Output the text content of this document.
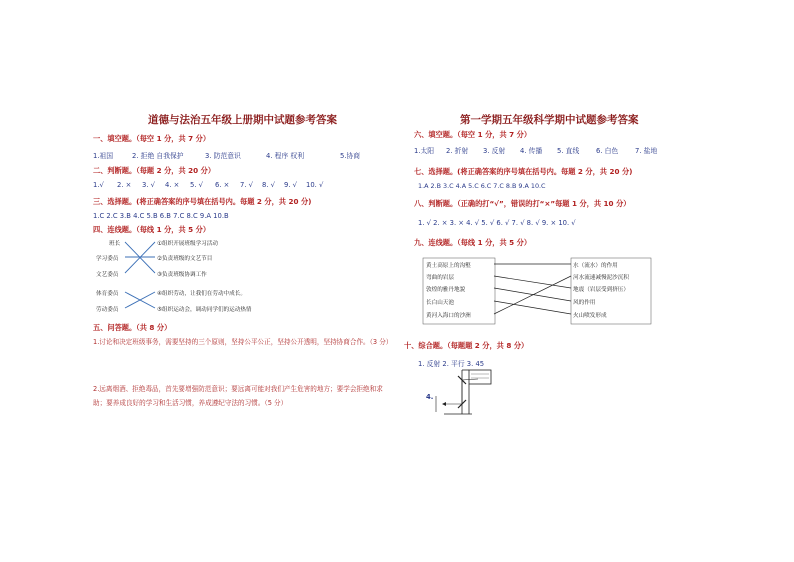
道德与法治五年级上册期中试题参考答案
一、填空题。（每空 1 分，共 7 分）
1.祖国	2. 拒绝 自我保护	3. 防范意识	4. 程序 权利	5.协商
二、判断题。（每题 2 分，共 20 分）
1.√ 2. × 3. √ 4. × 5. √ 6. × 7. √ 8. √ 9. √ 10. √
三、选择题。(将正确答案的序号填在括号内。每题 2 分，共 20 分)
1.C 2.C 3.B 4.C 5.B 6.B 7.C 8.C 9.A 10.B
四、连线题。（每线 1 分，共 5 分）
班长
学习委员
文艺委员
体育委员
劳动委员
①组织开展班级学习活动
②负责班级的文艺节目
③负责班级协调工作
④组织劳动，让我们在劳动中成长。
⑤组织运动会，调动同学们的运动热情
五、问答题。（共 8 分）
1.讨论和决定班级事务，需要坚持的三个原则，坚持公平公正，坚持公开透明，坚持协商合作。（3 分）
2.远离烟酒、拒绝毒品，首先要增强防范意识；要远离可能对我们产生危害的地方；要学会拒绝和求助；要养成良好的学习和生活习惯，养成遵纪守法的习惯。（5 分）
第一学期五年级科学期中试题参考答案
六、填空题。（每空 1 分，共 7 分）
1.太阳 2. 折射 3. 反射 4. 传播 5. 直线 6. 白色 7. 盐地
七、选择题。(将正确答案的序号填在括号内。每题 2 分，共 20 分)
1.A 2.B 3.C 4.A 5.C 6.C 7.C 8.B 9.A 10.C
八、判断题。（正确的打“√”，错误的打“×”每题 1 分，共 10 分）
1. √ 2. × 3. × 4. √ 5. √ 6. √ 7. √ 8. √ 9. × 10. √
九、连线题。（每线 1 分，共 5 分）
黄土高原上的沟壑
弯曲的岩层
敦煌的雅丹地貌
长白山天池
黄河入海口的沙洲
水（流水）的作用
河水流速减慢泥沙沉积
地震（岩层受到挤压）
风的作用
火山喷发形成
十、综合题。（每题题 2 分，共 8 分）
1. 反射 2. 平行 3. 45
4.
